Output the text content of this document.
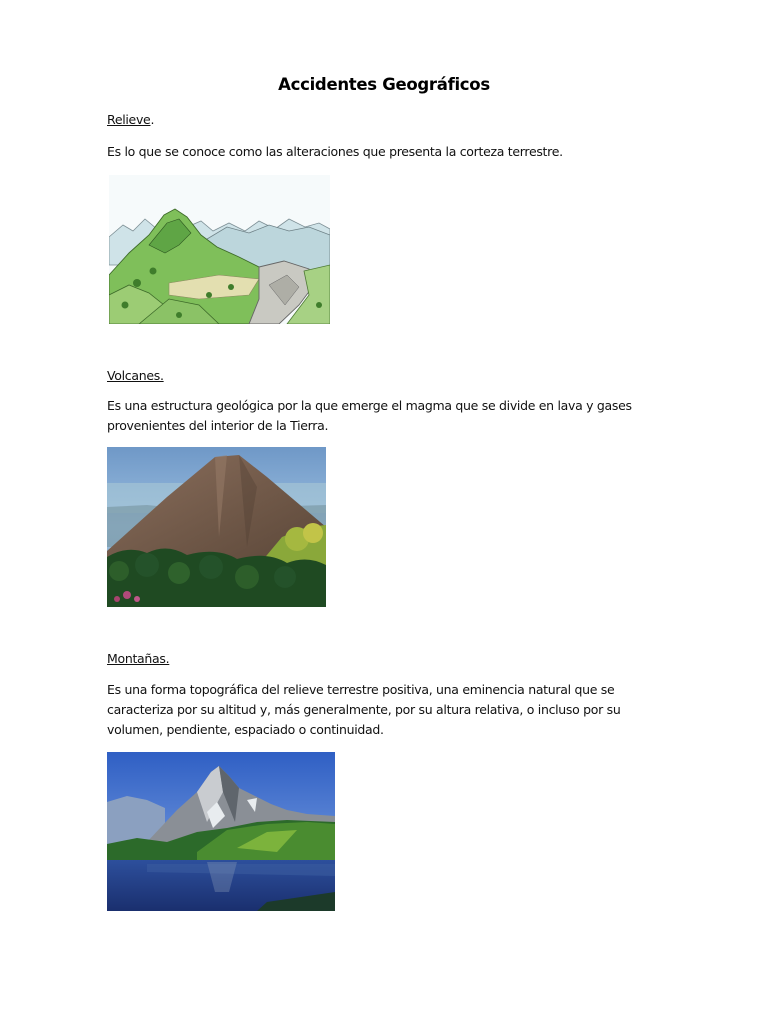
Accidentes Geográficos
Relieve.
Es lo que se conoce como las alteraciones que presenta la corteza terrestre.
Volcanes.
Es una estructura geológica por la que emerge el magma que se divide en lava y gases provenientes del interior de la Tierra.
Montañas.
Es una forma topográfica del relieve terrestre positiva, una eminencia natural que se caracteriza por su altitud y, más generalmente, por su altura relativa, o incluso por su volumen, pendiente, espaciado o continuidad.
